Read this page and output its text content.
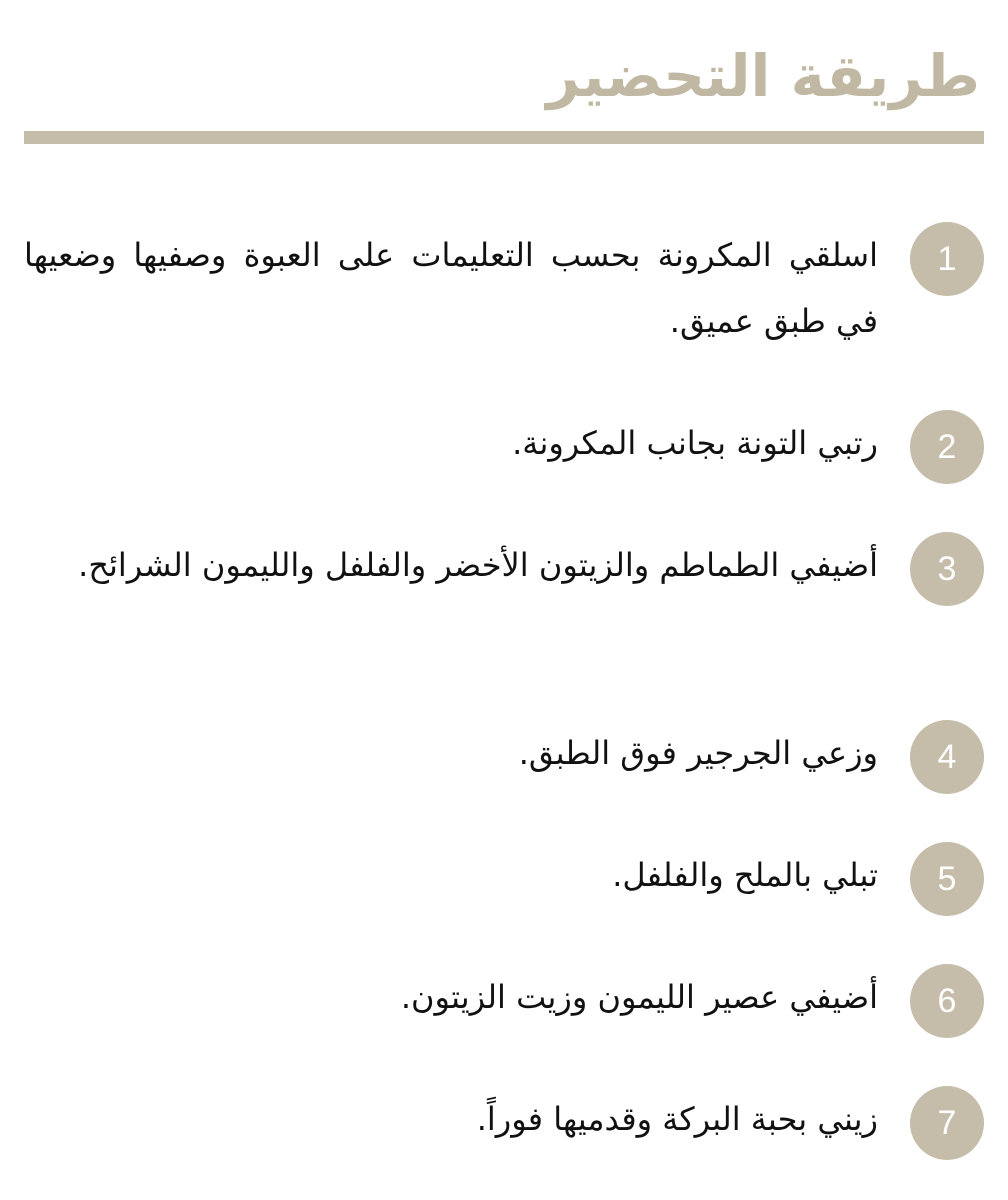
طريقة التحضير
1

اسلقي المكرونة بحسب التعليمات على العبوة وصفيها وضعيها في طبق عميق.

2

رتبي التونة بجانب المكرونة.

3

أضيفي الطماطم والزيتون الأخضر والفلفل والليمون الشرائح.

4

وزعي الجرجير فوق الطبق.

5

تبلي بالملح والفلفل.

6

أضيفي عصير الليمون وزيت الزيتون.

7

زيني بحبة البركة وقدميها فوراً.
